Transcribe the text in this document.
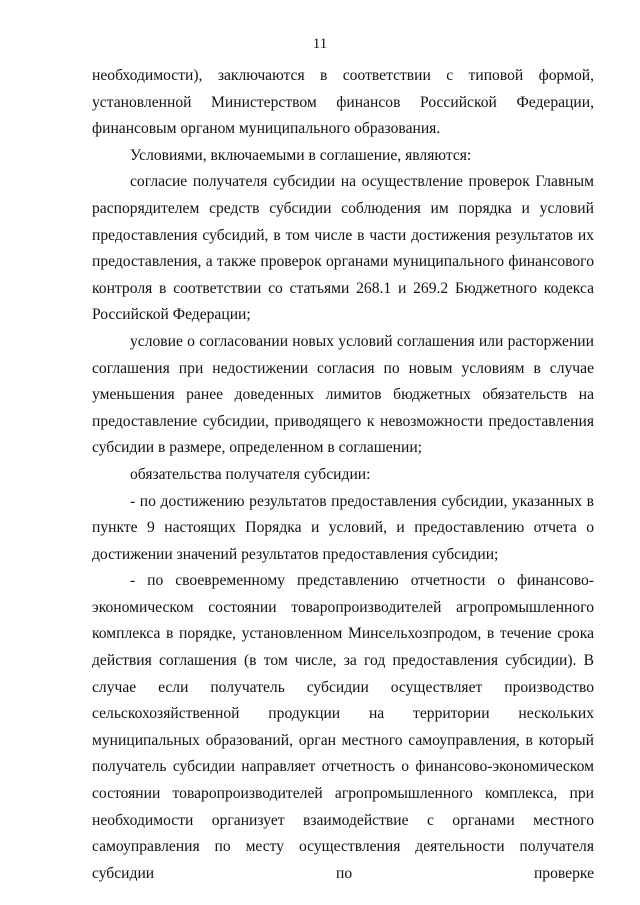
11

необходимости), заключаются в соответствии с типовой формой, установленной Министерством финансов Российской Федерации, финансовым органом муниципального образования.

Условиями, включаемыми в соглашение, являются:

согласие получателя субсидии на осуществление проверок Главным распорядителем средств субсидии соблюдения им порядка и условий предоставления субсидий, в том числе в части достижения результатов их предоставления, а также проверок органами муниципального финансового контроля в соответствии со статьями 268.1 и 269.2 Бюджетного кодекса Российской Федерации;

условие о согласовании новых условий соглашения или расторжении соглашения при недостижении согласия по новым условиям в случае уменьшения ранее доведенных лимитов бюджетных обязательств на предоставление субсидии, приводящего к невозможности предоставления субсидии в размере, определенном в соглашении;

обязательства получателя субсидии:

- по достижению результатов предоставления субсидии, указанных в пункте 9 настоящих Порядка и условий, и предоставлению отчета о достижении значений результатов предоставления субсидии;

- по своевременному представлению отчетности о финансово-экономическом состоянии товаропроизводителей агропромышленного комплекса в порядке, установленном Минсельхозпродом, в течение срока действия соглашения (в том числе, за год предоставления субсидии). В случае если получатель субсидии осуществляет производство сельскохозяйственной продукции на территории нескольких муниципальных образований, орган местного самоуправления, в который получатель субсидии направляет отчетность о финансово-экономическом состоянии товаропроизводителей агропромышленного комплекса, при необходимости организует взаимодействие с органами местного самоуправления по месту осуществления деятельности получателя субсидии по проверке
